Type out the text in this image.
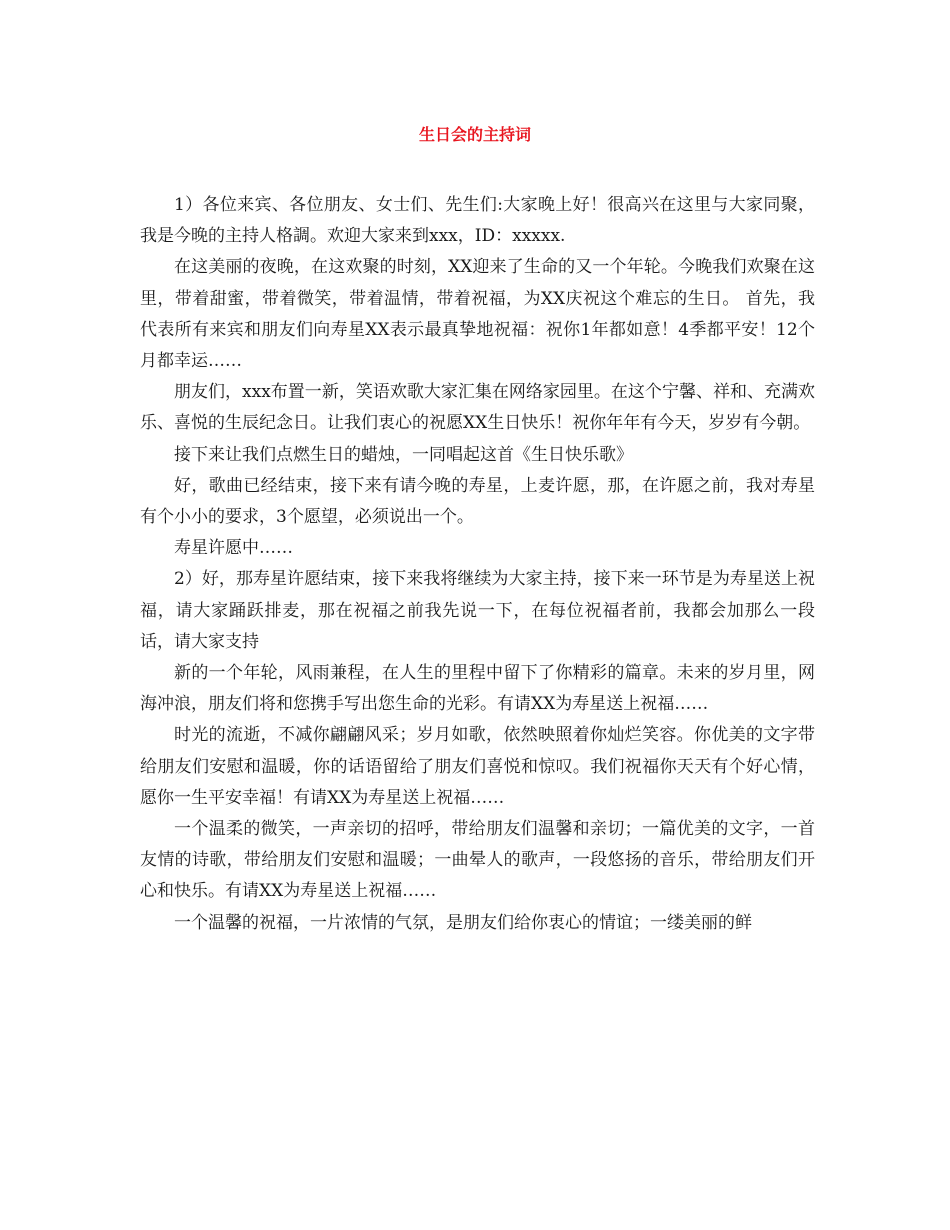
生日会的主持词

1）各位来宾、各位朋友、女士们、先生们:大家晚上好！很高兴在这里与大家同聚，我是今晚的主持人格調。欢迎大家来到xxx，ID：xxxxx.

在这美丽的夜晚，在这欢聚的时刻，XX迎来了生命的又一个年轮。今晚我们欢聚在这里，带着甜蜜，带着微笑，带着温情，带着祝福，为XX庆祝这个难忘的生日。 首先，我代表所有来宾和朋友们向寿星XX表示最真挚地祝福：祝你1年都如意！4季都平安！12个月都幸运……

朋友们，xxx布置一新，笑语欢歌大家汇集在网络家园里。在这个宁馨、祥和、充满欢乐、喜悦的生辰纪念日。让我们衷心的祝愿XX生日快乐！祝你年年有今天，岁岁有今朝。

接下来让我们点燃生日的蜡烛，一同唱起这首《生日快乐歌》

好，歌曲已经结束，接下来有请今晚的寿星，上麦许愿，那，在许愿之前，我对寿星有个小小的要求，3个愿望，必须说出一个。

寿星许愿中……

2）好，那寿星许愿结束，接下来我将继续为大家主持，接下来一环节是为寿星送上祝福，请大家踊跃排麦，那在祝福之前我先说一下，在每位祝福者前，我都会加那么一段话，请大家支持

新的一个年轮，风雨兼程，在人生的里程中留下了你精彩的篇章。未来的岁月里，网海冲浪，朋友们将和您携手写出您生命的光彩。有请XX为寿星送上祝福……

时光的流逝，不减你翩翩风采；岁月如歌，依然映照着你灿烂笑容。你优美的文字带给朋友们安慰和温暖，你的话语留给了朋友们喜悦和惊叹。我们祝福你天天有个好心情，愿你一生平安幸福！有请XX为寿星送上祝福……

一个温柔的微笑，一声亲切的招呼，带给朋友们温馨和亲切；一篇优美的文字，一首友情的诗歌，带给朋友们安慰和温暖；一曲晕人的歌声，一段悠扬的音乐，带给朋友们开心和快乐。有请XX为寿星送上祝福……

一个温馨的祝福，一片浓情的气氛，是朋友们给你衷心的情谊；一缕美丽的鲜
